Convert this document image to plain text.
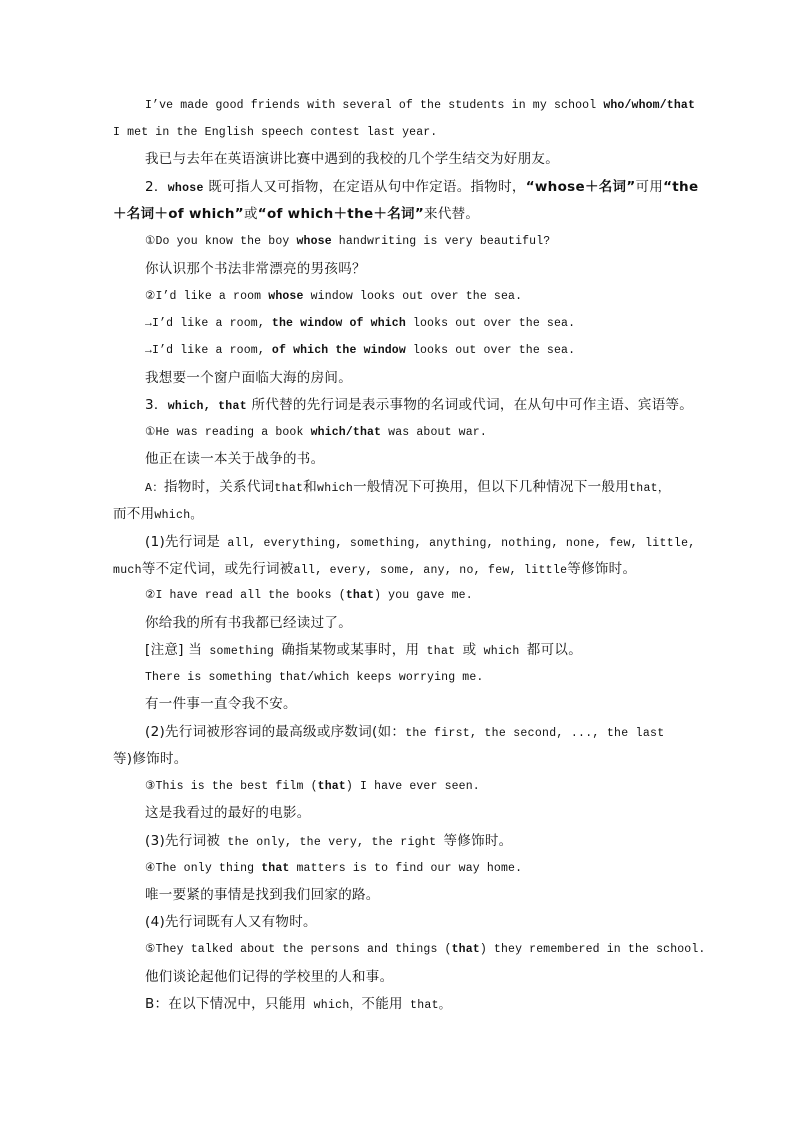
I’ve made good friends with several of the students in my school who/whom/that
I met in the English speech contest last year.
我已与去年在英语演讲比赛中遇到的我校的几个学生结交为好朋友。
2．whose 既可指人又可指物，在定语从句中作定语。指物时，“whose＋名词”可用“the
＋名词＋of which”或“of which＋the＋名词”来代替。
①Do you know the boy whose handwriting is very beautiful?
你认识那个书法非常漂亮的男孩吗？
②I’d like a room whose window looks out over the sea.
→I’d like a room, the window of which looks out over the sea.
→I’d like a room, of which the window looks out over the sea.
我想要一个窗户面临大海的房间。
3．which, that 所代替的先行词是表示事物的名词或代词，在从句中可作主语、宾语等。
①He was reading a book which/that was about war.
他正在读一本关于战争的书。
A：指物时，关系代词that和which一般情况下可换用，但以下几种情况下一般用that，
而不用which。
(1)先行词是 all, everything, something, anything, nothing, none, few, little,
much等不定代词，或先行词被all, every, some, any, no, few, little等修饰时。
②I have read all the books (that) you gave me.
你给我的所有书我都已经读过了。
[注意] 当 something 确指某物或某事时，用 that 或 which 都可以。
There is something that/which keeps worrying me.
有一件事一直令我不安。
(2)先行词被形容词的最高级或序数词(如：the first, the second, ..., the last
等)修饰时。
③This is the best film (that) I have ever seen.
这是我看过的最好的电影。
(3)先行词被 the only, the very, the right 等修饰时。
④The only thing that matters is to find our way home.
唯一要紧的事情是找到我们回家的路。
(4)先行词既有人又有物时。
⑤They talked about the persons and things (that) they remembered in the school.
他们谈论起他们记得的学校里的人和事。
B：在以下情况中，只能用 which，不能用 that。
